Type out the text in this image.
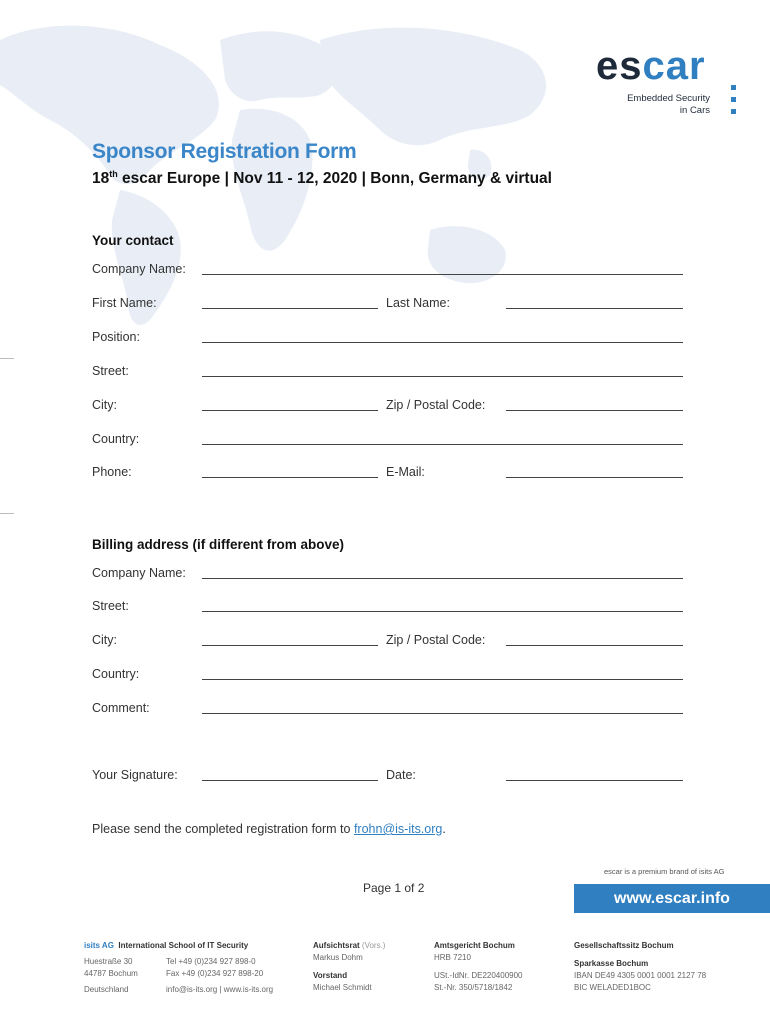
escar
Embedded Security
in Cars
Sponsor Registration Form
18th escar Europe | Nov 11 - 12, 2020 | Bonn, Germany & virtual
Your contact
Company Name:
First Name:	Last Name:
Position:
Street:
City:	Zip / Postal Code:
Country:
Phone:	E-Mail:
Billing address (if different from above)
Company Name:
Street:
City:	Zip / Postal Code:
Country:
Comment:
Your Signature:	Date:
Please send the completed registration form to frohn@is-its.org.
Page 1 of 2
escar is a premium brand of isits AG
www.escar.info
isits AG International School of IT Security
Huestraße 30
44787 Bochum
Deutschland
Tel +49 (0)234 927 898-0
Fax +49 (0)234 927 898-20
info@is-its.org | www.is-its.org
Aufsichtsrat (Vors.)
Markus Dohm
Vorstand
Michael Schmidt
Amtsgericht Bochum
HRB 7210
USt.-IdNr. DE220400900
St.-Nr. 350/5718/1842
Gesellschaftssitz Bochum
Sparkasse Bochum
IBAN DE49 4305 0001 0001 2127 78
BIC WELADED1BOC
